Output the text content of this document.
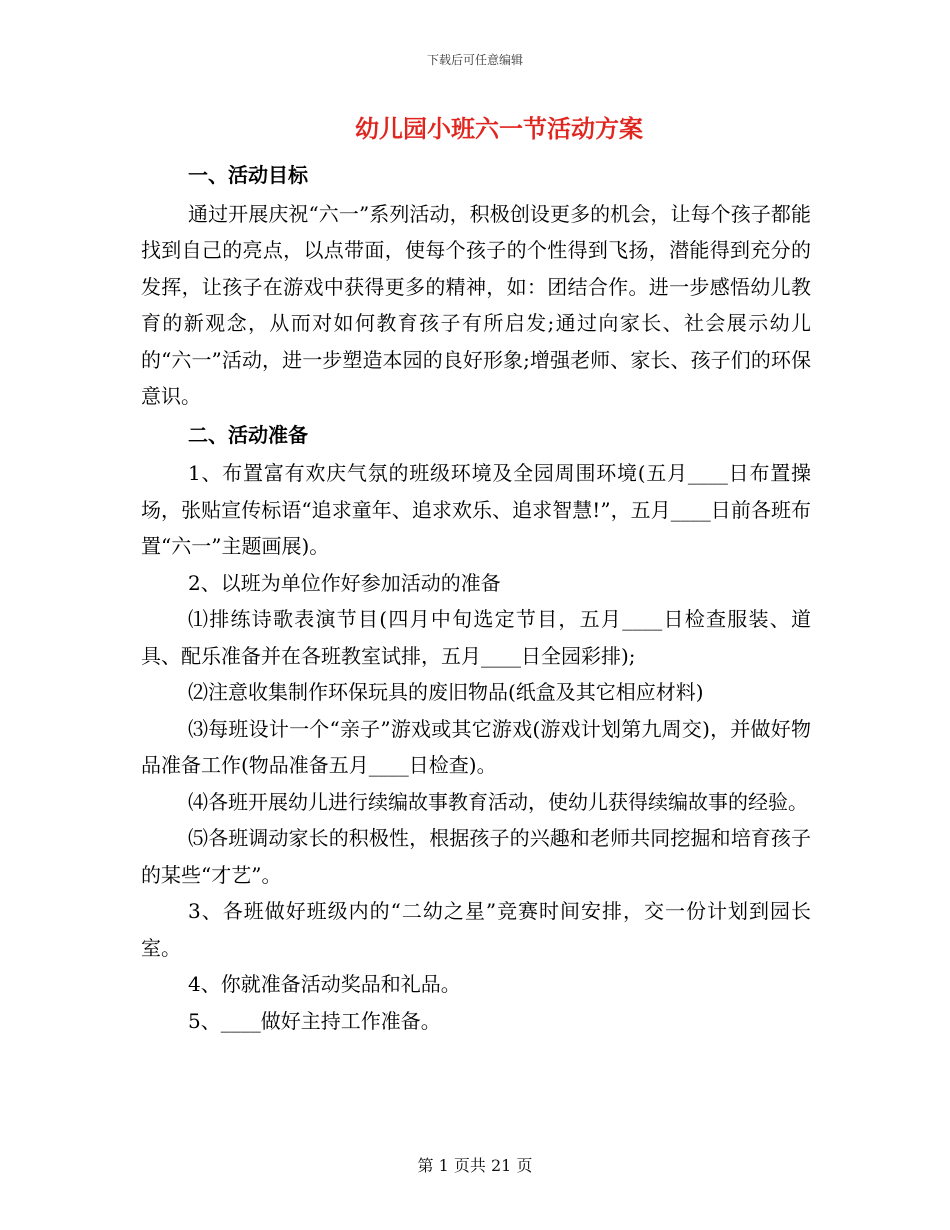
下载后可任意编辑
幼儿园小班六一节活动方案

一、活动目标

通过开展庆祝“六一”系列活动，积极创设更多的机会，让每个孩子都能找到自己的亮点，以点带面，使每个孩子的个性得到飞扬，潜能得到充分的发挥，让孩子在游戏中获得更多的精神，如：团结合作。进一步感悟幼儿教育的新观念，从而对如何教育孩子有所启发;通过向家长、社会展示幼儿的“六一”活动，进一步塑造本园的良好形象;增强老师、家长、孩子们的环保意识。

二、活动准备

1、布置富有欢庆气氛的班级环境及全园周围环境(五月____日布置操场，张贴宣传标语“追求童年、追求欢乐、追求智慧!”，五月____日前各班布置“六一”主题画展)。

2、以班为单位作好参加活动的准备

⑴排练诗歌表演节目(四月中旬选定节目，五月____日检查服装、道具、配乐准备并在各班教室试排，五月____日全园彩排);

⑵注意收集制作环保玩具的废旧物品(纸盒及其它相应材料)

⑶每班设计一个“亲子”游戏或其它游戏(游戏计划第九周交)，并做好物品准备工作(物品准备五月____日检查)。

⑷各班开展幼儿进行续编故事教育活动，使幼儿获得续编故事的经验。

⑸各班调动家长的积极性，根据孩子的兴趣和老师共同挖掘和培育孩子的某些“才艺”。

3、各班做好班级内的“二幼之星”竞赛时间安排，交一份计划到园长室。

4、你就准备活动奖品和礼品。

5、____做好主持工作准备。

第 1 页共 21 页
